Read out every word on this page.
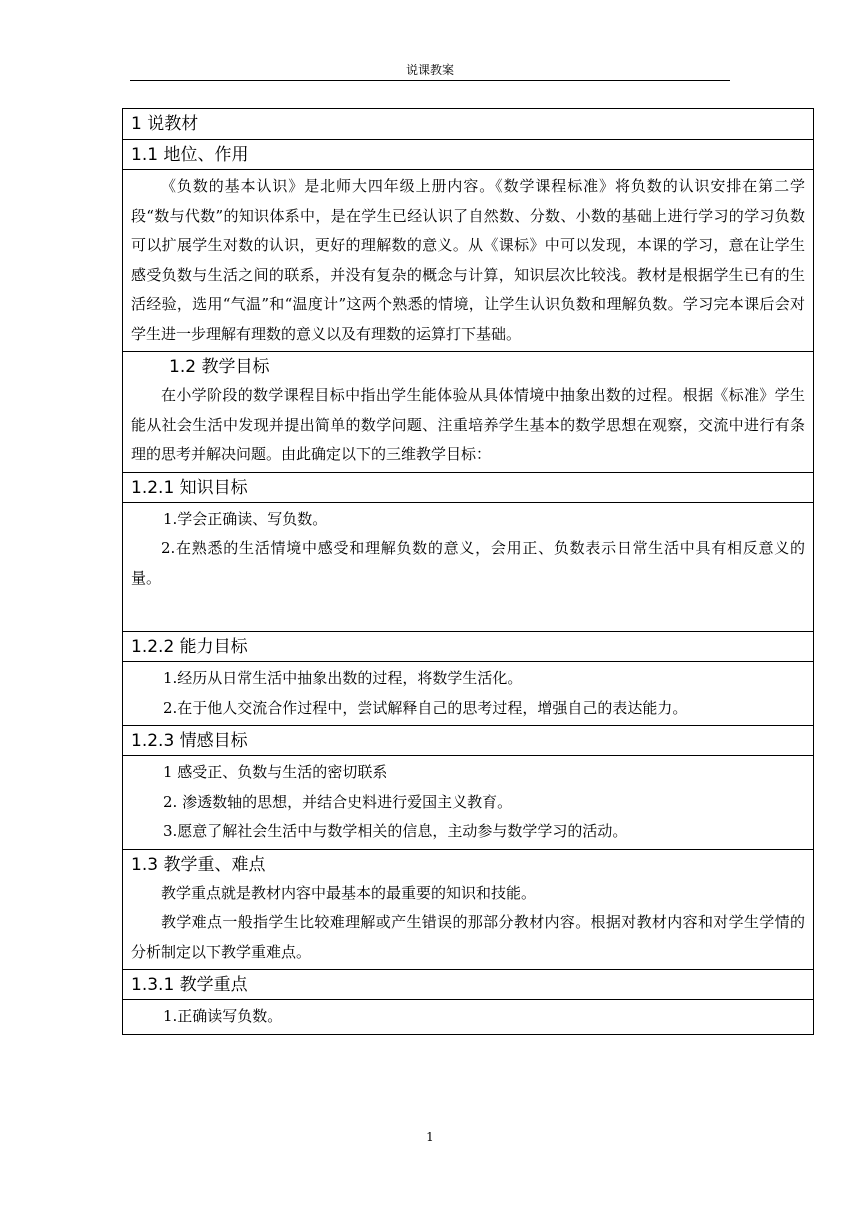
说课教案
1 说教材
1.1 地位、作用
《负数的基本认识》是北师大四年级上册内容。《数学课程标准》将负数的认识安排在第二学段“数与代数”的知识体系中，是在学生已经认识了自然数、分数、小数的基础上进行学习的学习负数可以扩展学生对数的认识，更好的理解数的意义。从《课标》中可以发现，本课的学习，意在让学生感受负数与生活之间的联系，并没有复杂的概念与计算，知识层次比较浅。教材是根据学生已有的生活经验，选用“气温”和“温度计”这两个熟悉的情境，让学生认识负数和理解负数。学习完本课后会对学生进一步理解有理数的意义以及有理数的运算打下基础。
1.2 教学目标
在小学阶段的数学课程目标中指出学生能体验从具体情境中抽象出数的过程。根据《标准》学生能从社会生活中发现并提出简单的数学问题、注重培养学生基本的数学思想在观察，交流中进行有条理的思考并解决问题。由此确定以下的三维教学目标：
1.2.1 知识目标
1.学会正确读、写负数。
2.在熟悉的生活情境中感受和理解负数的意义，会用正、负数表示日常生活中具有相反意义的量。
1.2.2 能力目标
1.经历从日常生活中抽象出数的过程，将数学生活化。
2.在于他人交流合作过程中，尝试解释自己的思考过程，增强自己的表达能力。
1.2.3 情感目标
1 感受正、负数与生活的密切联系
2. 渗透数轴的思想，并结合史料进行爱国主义教育。
3.愿意了解社会生活中与数学相关的信息，主动参与数学学习的活动。
1.3 教学重、难点
教学重点就是教材内容中最基本的最重要的知识和技能。
教学难点一般指学生比较难理解或产生错误的那部分教材内容。根据对教材内容和对学生学情的分析制定以下教学重难点。
1.3.1 教学重点
1.正确读写负数。
1
